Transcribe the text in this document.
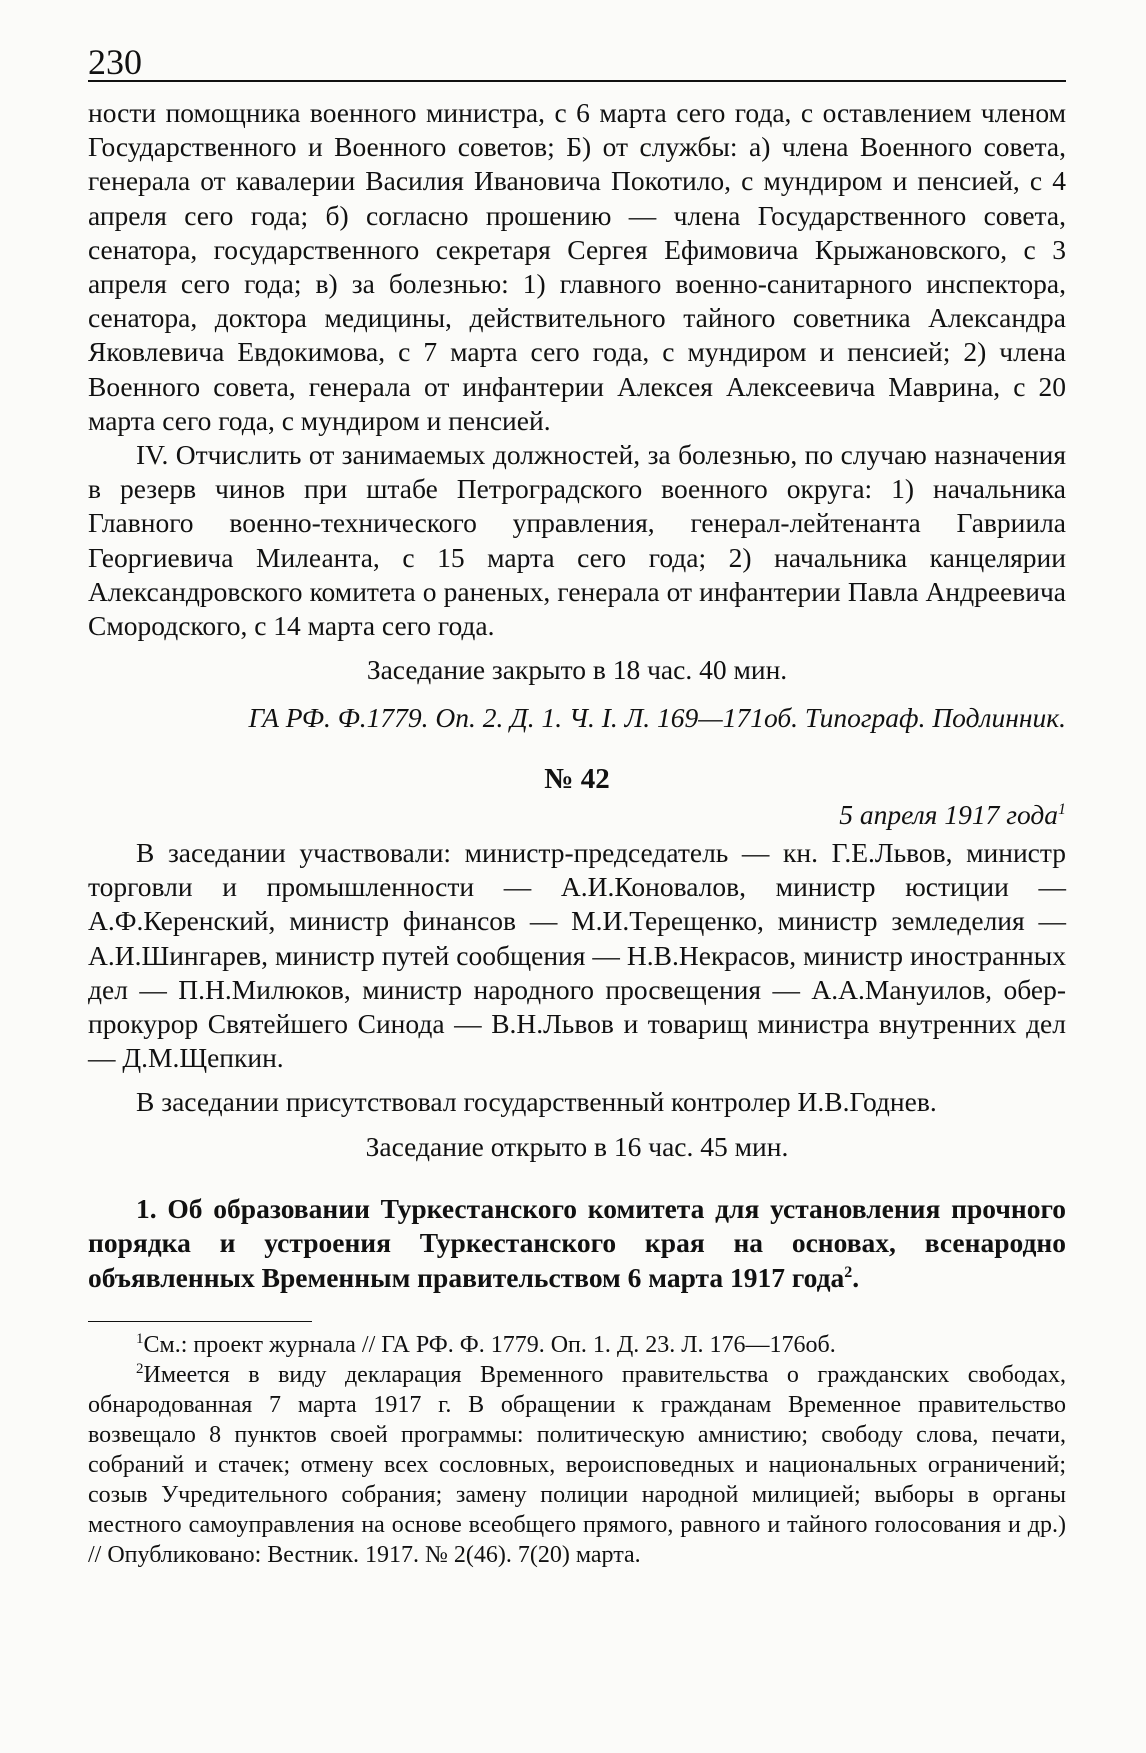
230

ности помощника военного министра, с 6 марта сего года, с оставлением членом Государственного и Военного советов; Б) от службы: а) члена Военного совета, генерала от кавалерии Василия Ивановича Покотило, с мундиром и пенсией, с 4 апреля сего года; б) согласно прошению — члена Государственного совета, сенатора, государственного секретаря Сергея Ефимовича Крыжановского, с 3 апреля сего года; в) за болезнью: 1) главного военно-санитарного инспектора, сенатора, доктора медицины, действительного тайного советника Александра Яковлевича Евдокимова, с 7 марта сего года, с мундиром и пенсией; 2) члена Военного совета, генерала от инфантерии Алексея Алексеевича Маврина, с 20 марта сего года, с мундиром и пенсией.

IV. Отчислить от занимаемых должностей, за болезнью, по случаю назначения в резерв чинов при штабе Петроградского военного округа: 1) начальника Главного военно-технического управления, генерал-лейтенанта Гавриила Георгиевича Милеанта, с 15 марта сего года; 2) начальника канцелярии Александровского комитета о раненых, генерала от инфантерии Павла Андреевича Смородского, с 14 марта сего года.

Заседание закрыто в 18 час. 40 мин.

ГА РФ. Ф.1779. Оп. 2. Д. 1. Ч. I. Л. 169—171об. Типограф. Подлинник.

№ 42

5 апреля 1917 года$^1$

В заседании участвовали: министр-председатель — кн. Г.Е.Львов, министр торговли и промышленности — А.И.Коновалов, министр юстиции — А.Ф.Керенский, министр финансов — М.И.Терещенко, министр земледелия — А.И.Шингарев, министр путей сообщения — Н.В.Некрасов, министр иностранных дел — П.Н.Милюков, министр народного просвещения — А.А.Мануилов, обер-прокурор Святейшего Синода — В.Н.Львов и товарищ министра внутренних дел — Д.М.Щепкин.

В заседании присутствовал государственный контролер И.В.Годнев.

Заседание открыто в 16 час. 45 мин.

1. Об образовании Туркестанского комитета для установления прочного порядка и устроения Туркестанского края на основах, всенародно объявленных Временным правительством 6 марта 1917 года$^2$.

$^1$См.: проект журнала // ГА РФ. Ф. 1779. Оп. 1. Д. 23. Л. 176—176об.

$^2$Имеется в виду декларация Временного правительства о гражданских свободах, обнародованная 7 марта 1917 г. В обращении к гражданам Временное правительство возвещало 8 пунктов своей программы: политическую амнистию; свободу слова, печати, собраний и стачек; отмену всех сословных, вероисповедных и национальных ограничений; созыв Учредительного собрания; замену полиции народной милицией; выборы в органы местного самоуправления на основе всеобщего прямого, равного и тайного голосования и др.) // Опубликовано: Вестник. 1917. № 2(46). 7(20) марта.
